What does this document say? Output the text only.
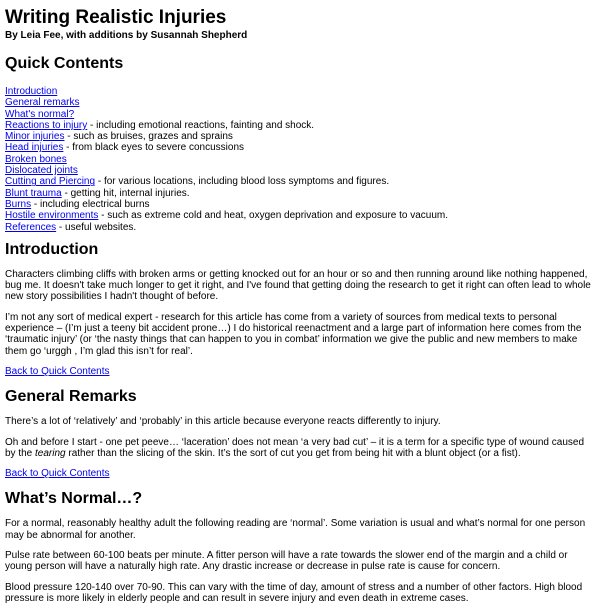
Writing Realistic Injuries
By Leia Fee, with additions by Susannah Shepherd
Quick Contents
Introduction
General remarks
What's normal?
Reactions to injury - including emotional reactions, fainting and shock.
Minor injuries - such as bruises, grazes and sprains
Head injuries - from black eyes to severe concussions
Broken bones
Dislocated joints
Cutting and Piercing - for various locations, including blood loss symptoms and figures.
Blunt trauma - getting hit, internal injuries.
Burns - including electrical burns
Hostile environments - such as extreme cold and heat, oxygen deprivation and exposure to vacuum.
References - useful websites.
Introduction

Characters climbing cliffs with broken arms or getting knocked out for an hour or so and then running around like nothing happened, bug me. It doesn't take much longer to get it right, and I've found that getting doing the research to get it right can often lead to whole new story possibilities I hadn't thought of before.

I’m not any sort of medical expert - research for this article has come from a variety of sources from medical texts to personal experience – (I’m just a teeny bit accident prone…) I do historical reenactment and a large part of information here comes from the ‘traumatic injury’ (or ‘the nasty things that can happen to you in combat’ information we give the public and new members to make them go ‘urggh , I’m glad this isn’t for real’.

Back to Quick Contents
General Remarks

There’s a lot of ‘relatively’ and ‘probably’ in this article because everyone reacts differently to injury.

Oh and before I start - one pet peeve… ‘laceration’ does not mean ‘a very bad cut’ – it is a term for a specific type of wound caused by the tearing rather than the slicing of the skin. It’s the sort of cut you get from being hit with a blunt object (or a fist).

Back to Quick Contents
What’s Normal…?

For a normal, reasonably healthy adult the following reading are ‘normal’. Some variation is usual and what’s normal for one person may be abnormal for another.

Pulse rate between 60-100 beats per minute. A fitter person will have a rate towards the slower end of the margin and a child or young person will have a naturally high rate. Any drastic increase or decrease in pulse rate is cause for concern.

Blood pressure 120-140 over 70-90. This can vary with the time of day, amount of stress and a number of other factors. High blood pressure is more likely in elderly people and can result in severe injury and even death in extreme cases.
